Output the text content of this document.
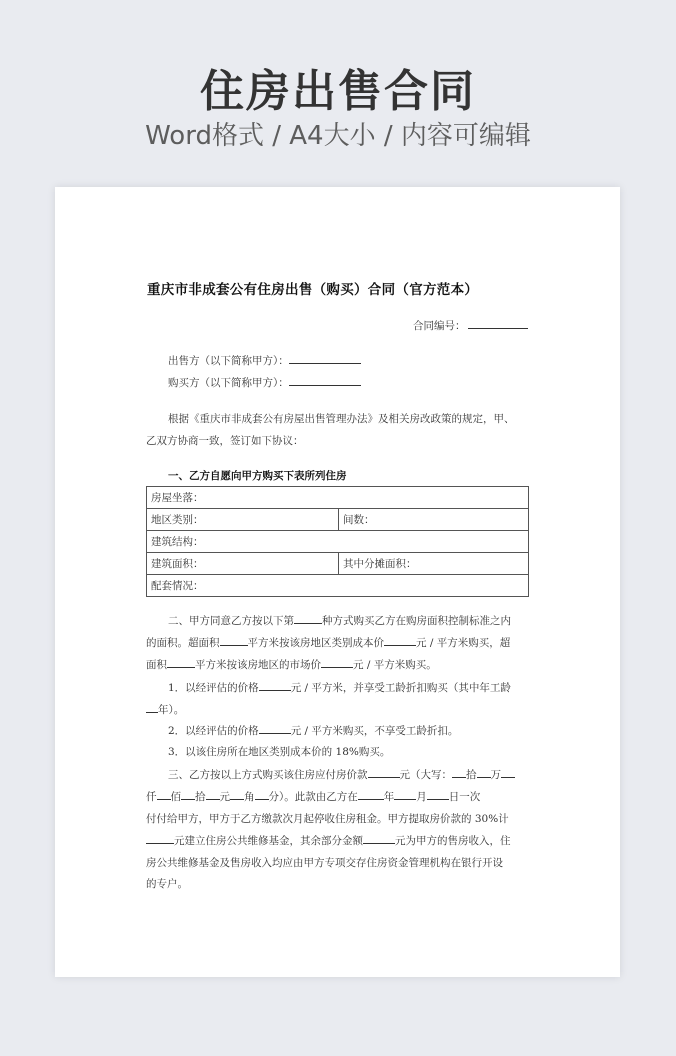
住房出售合同
Word格式 / A4大小 / 内容可编辑
重庆市非成套公有住房出售（购买）合同（官方范本）
合同编号：
出售方（以下简称甲方）：
购买方（以下简称甲方）：
根据《重庆市非成套公有房屋出售管理办法》及相关房改政策的规定，甲、
乙双方协商一致，签订如下协议：
一、乙方自愿向甲方购买下表所列住房
房屋坐落：	
地区类别：	间数：
建筑结构：	
建筑面积：	其中分摊面积：
配套情况：	
二、甲方同意乙方按以下第	种方式购买乙方在购房面积控制标准之内
的面积。超面积	平方米按该房地区类别成本价	元 / 平方米购买，超
面积	平方米按该房地区的市场价	元 / 平方米购买。
1．以经评估的价格	元 / 平方米，并享受工龄折扣购买（其中年工龄
年）。
2．以经评估的价格	元 / 平方米购买，不享受工龄折扣。
3．以该住房所在地区类别成本价的 18%购买。
三、乙方按以上方式购买该住房应付房价款	元（大写： 拾 万
仟 佰 拾 元 角 分）。此款由乙方在 年 月 日一次
付付给甲方，甲方于乙方缴款次月起停收住房租金。甲方提取房价款的 30%计
元建立住房公共维修基金，其余部分金额	元为甲方的售房收入，住
房公共维修基金及售房收入均应由甲方专项交存住房资金管理机构在银行开设
的专户。
